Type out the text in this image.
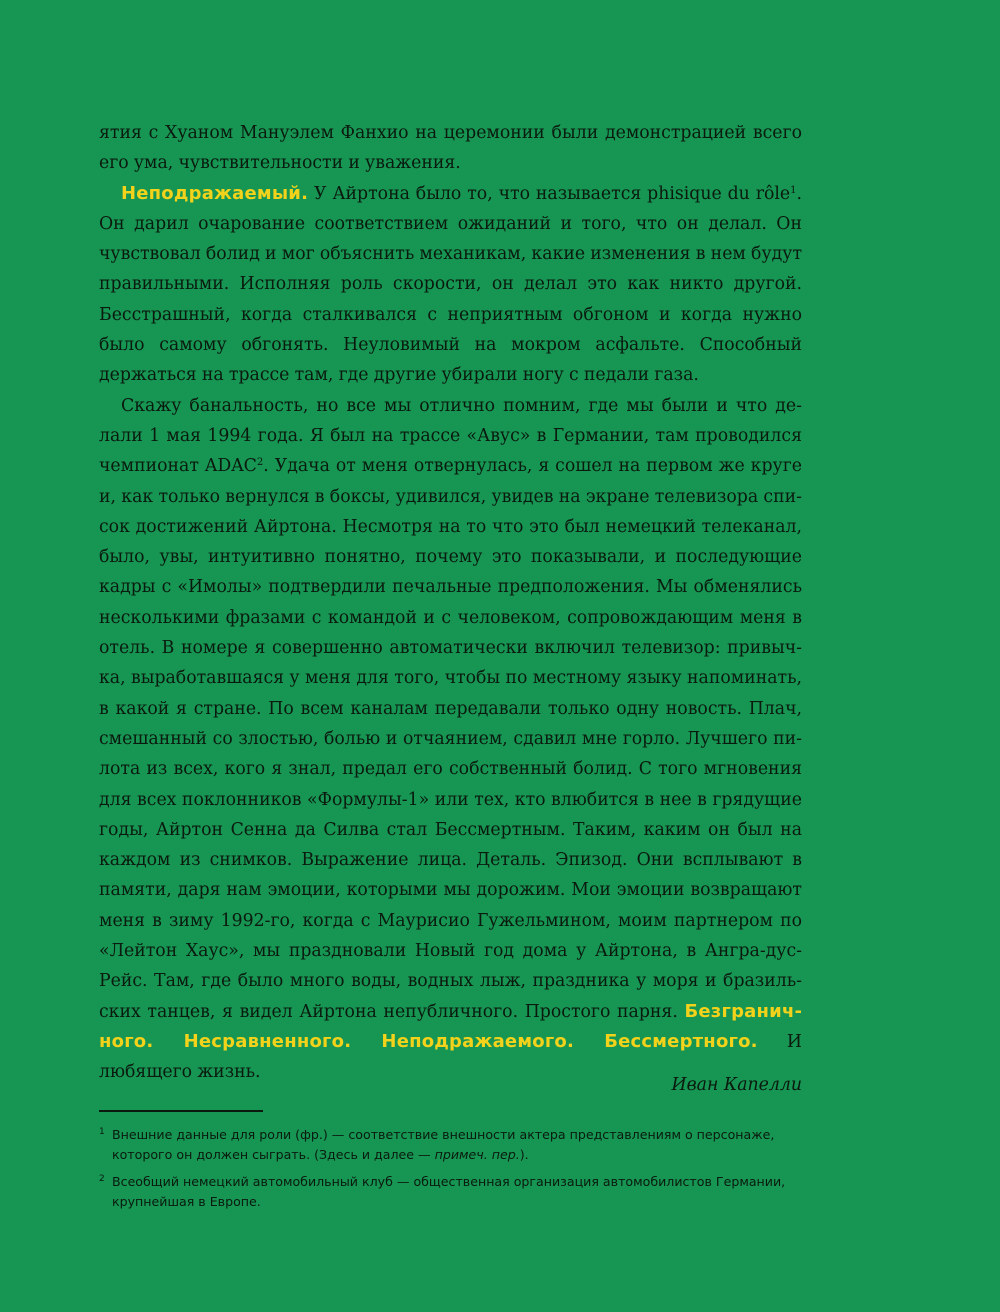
ятия с Хуаном Мануэлем Фанхио на церемонии были демонстрацией всего его ума, чувствительности и уважения.

Неподражаемый. У Айртона было то, что называется phisique du rôle$^1$. Он дарил очарование соответствием ожиданий и того, что он делал. Он чувствовал болид и мог объяснить механикам, какие изменения в нем будут правильными. Исполняя роль скорости, он делал это как никто другой. Бесстрашный, когда сталкивался с неприятным обгоном и когда нужно было самому обгонять. Неуловимый на мокром асфальте. Способный держаться на трассе там, где другие убирали ногу с педали газа.

Скажу банальность, но все мы отлично помним, где мы были и что делали 1 мая 1994 года. Я был на трассе «Авус» в Германии, там проводился чемпионат ADAC$^2$. Удача от меня отвернулась, я сошел на первом же круге и, как только вернулся в боксы, удивился, увидев на экране телевизора список достижений Айртона. Несмотря на то что это был немецкий телеканал, было, увы, интуитивно понятно, почему это показывали, и последующие кадры с «Имолы» подтвердили печальные предположения. Мы обменялись несколькими фразами с командой и с человеком, сопровождающим меня в отель. В номере я совершенно автоматически включил телевизор: привычка, выработавшаяся у меня для того, чтобы по местному языку напоминать, в какой я стране. По всем каналам передавали только одну новость. Плач, смешанный со злостью, болью и отчаянием, сдавил мне горло. Лучшего пилота из всех, кого я знал, предал его собственный болид. С того мгновения для всех поклонников «Формулы-1» или тех, кто влюбится в нее в грядущие годы, Айртон Сенна да Силва стал Бессмертным. Таким, каким он был на каждом из снимков. Выражение лица. Деталь. Эпизод. Они всплывают в памяти, даря нам эмоции, которыми мы дорожим. Мои эмоции возвращают меня в зиму 1992-го, когда с Маурисио Гужельмином, моим партнером по «Лейтон Хаус», мы праздновали Новый год дома у Айртона, в Ангра-дус-Рейс. Там, где было много воды, водных лыж, праздника у моря и бразильских танцев, я видел Айртона непубличного. Простого парня. Безграничного. Несравненного. Неподражаемого. Бессмертного. И любящего жизнь.

Иван Капелли
1 Внешние данные для роли (фр.) — соответствие внешности актера представлениям о персонаже, которого он должен сыграть. (Здесь и далее — примеч. пер.).
2 Всеобщий немецкий автомобильный клуб — общественная организация автомобилистов Германии, крупнейшая в Европе.
